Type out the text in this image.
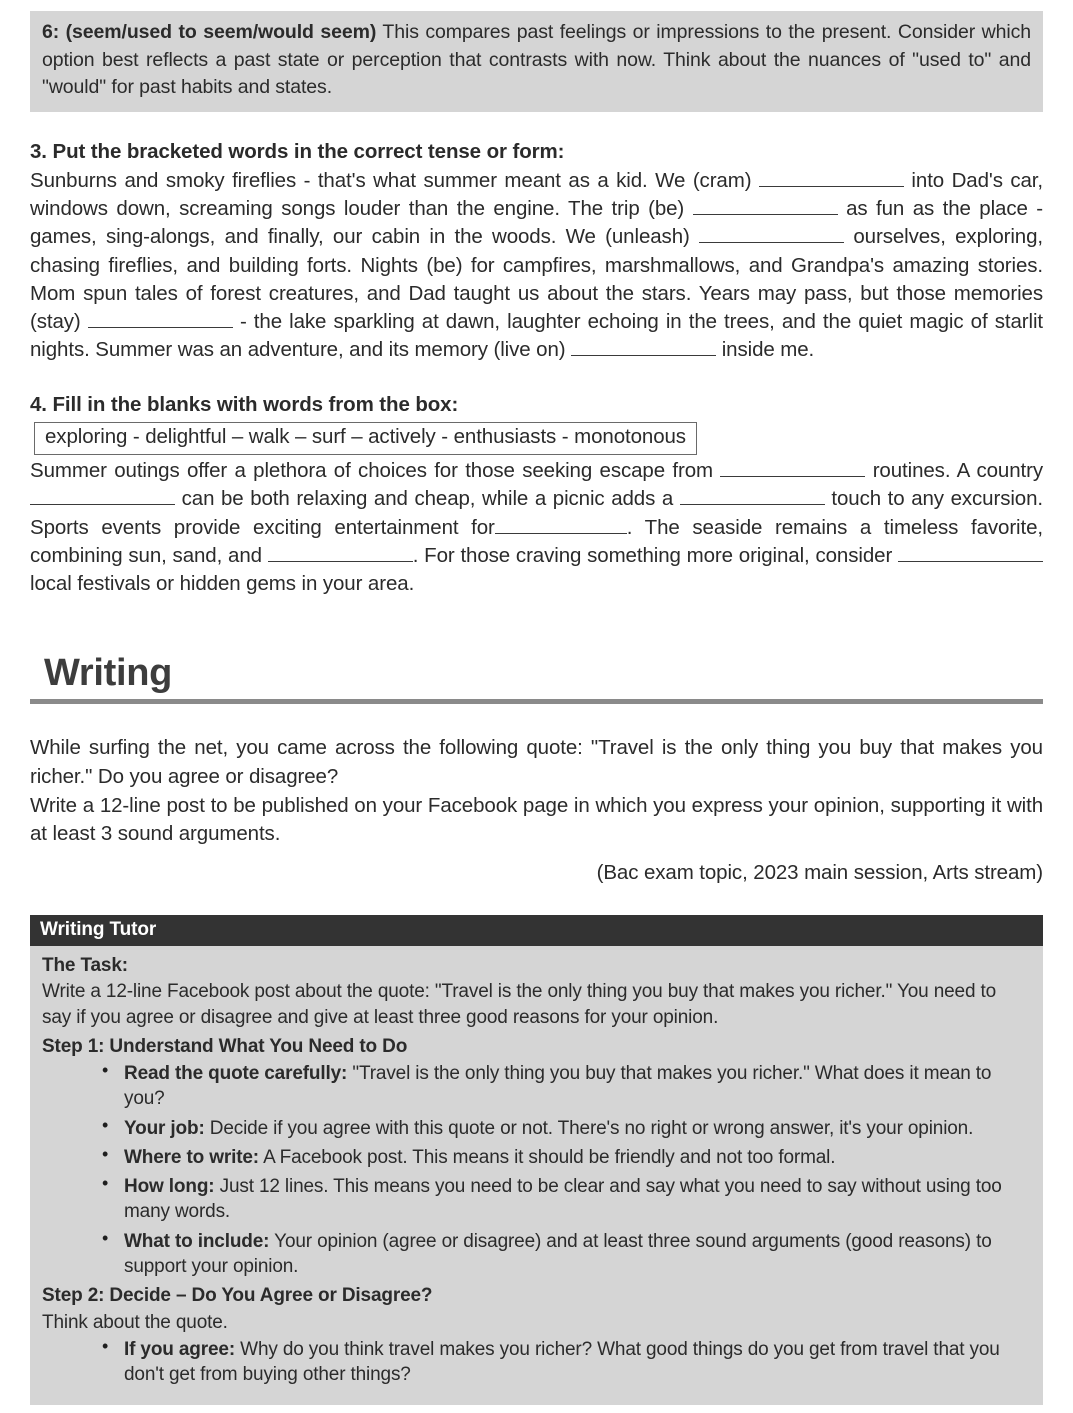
6: (seem/used to seem/would seem) This compares past feelings or impressions to the present. Consider which option best reflects a past state or perception that contrasts with now. Think about the nuances of "used to" and "would" for past habits and states.
3. Put the bracketed words in the correct tense or form:
Sunburns and smoky fireflies - that's what summer meant as a kid. We (cram)	into Dad's car, windows down, screaming songs louder than the engine. The trip (be)	as fun as the place - games, sing-alongs, and finally, our cabin in the woods. We (unleash)	ourselves, exploring, chasing fireflies, and building forts. Nights (be) for campfires, marshmallows, and Grandpa's amazing stories. Mom spun tales of forest creatures, and Dad taught us about the stars. Years may pass, but those memories (stay)	- the lake sparkling at dawn, laughter echoing in the trees, and the quiet magic of starlit nights. Summer was an adventure, and its memory (live on)	inside me.
4. Fill in the blanks with words from the box:
exploring - delightful – walk – surf – actively - enthusiasts - monotonous
Summer outings offer a plethora of choices for those seeking escape from	routines. A country  can be both relaxing and cheap, while a picnic adds a	touch to any excursion. Sports events provide exciting entertainment for	. The seaside remains a timeless favorite, combining sun, sand, and	. For those craving something more original, consider  local festivals or hidden gems in your area.
Writing
While surfing the net, you came across the following quote: "Travel is the only thing you buy that makes you richer." Do you agree or disagree?
Write a 12-line post to be published on your Facebook page in which you express your opinion, supporting it with at least 3 sound arguments.
(Bac exam topic, 2023 main session, Arts stream)
Writing Tutor
The Task:
Write a 12-line Facebook post about the quote: "Travel is the only thing you buy that makes you richer." You need to say if you agree or disagree and give at least three good reasons for your opinion.
Step 1: Understand What You Need to Do
• Read the quote carefully: "Travel is the only thing you buy that makes you richer." What does it mean to you?
• Your job: Decide if you agree with this quote or not. There's no right or wrong answer, it's your opinion.
• Where to write: A Facebook post. This means it should be friendly and not too formal.
• How long: Just 12 lines. This means you need to be clear and say what you need to say without using too many words.
• What to include: Your opinion (agree or disagree) and at least three sound arguments (good reasons) to support your opinion.
Step 2: Decide – Do You Agree or Disagree?
Think about the quote.
• If you agree: Why do you think travel makes you richer? What good things do you get from travel that you don't get from buying other things?
